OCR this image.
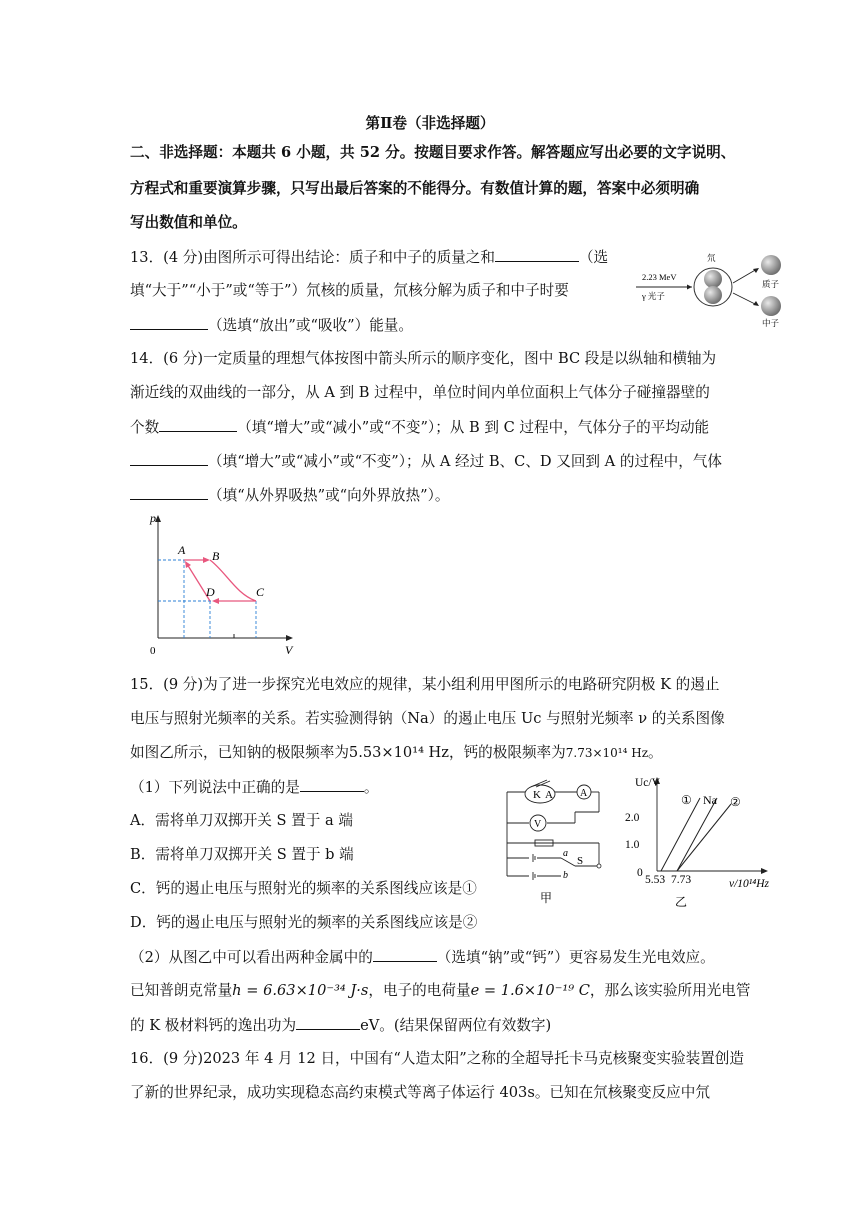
第Ⅱ卷（非选择题）
二、非选择题：本题共 6 小题，共 52 分。按题目要求作答。解答题应写出必要的文字说明、
方程式和重要演算步骤，只写出最后答案的不能得分。有数值计算的题，答案中必须明确
写出数值和单位。
13．(4 分)由图所示可得出结论：质子和中子的质量之和	（选
填“大于”“小于”或“等于”）氘核的质量，氘核分解为质子和中子时要
（选填“放出”或“吸收”）能量。
2.23 MeV
γ 光子
氘
质子
中子
14．(6 分)一定质量的理想气体按图中箭头所示的顺序变化，图中 BC 段是以纵轴和横轴为
渐近线的双曲线的一部分，从 A 到 B 过程中，单位时间内单位面积上气体分子碰撞器壁的
个数	（填“增大”或“减小”或“不变”）；从 B 到 C 过程中，气体分子的平均动能
（填“增大”或“减小”或“不变”）；从 A 经过 B、C、D 又回到 A 的过程中，气体
（填“从外界吸热”或“向外界放热”）。
p
V
0
A B
C
D
15．(9 分)为了进一步探究光电效应的规律，某小组利用甲图所示的电路研究阴极 K 的遏止
电压与照射光频率的关系。若实验测得钠（Na）的遏止电压 Uc 与照射光频率 ν 的关系图像
如图乙所示，已知钠的极限频率为5.53×10¹⁴ Hz，钙的极限频率为7.73×10¹⁴ Hz。
（1）下列说法中正确的是	。
A．需将单刀双掷开关 S 置于 a 端
B．需将单刀双掷开关 S 置于 b 端
C．钙的遏止电压与照射光的频率的关系图线应该是①
D．钙的遏止电压与照射光的频率的关系图线应该是②
（2）从图乙中可以看出两种金属中的	（选填“钠”或“钙”）更容易发生光电效应。
已知普朗克常量h = 6.63×10⁻³⁴ J·s，电子的电荷量e = 1.6×10⁻¹⁹ C，那么该实验所用光电管
的 K 极材料钙的逸出功为	eV。(结果保留两位有效数字)
K A	A
V
a
b
S
甲
Uc/V
2.0
1.0
0
5.53 7.73	ν/10¹⁴Hz
① Na ②
乙
16．(9 分)2023 年 4 月 12 日，中国有“人造太阳”之称的全超导托卡马克核聚变实验装置创造
了新的世界纪录，成功实现稳态高约束模式等离子体运行 403s。已知在氘核聚变反应中氘
